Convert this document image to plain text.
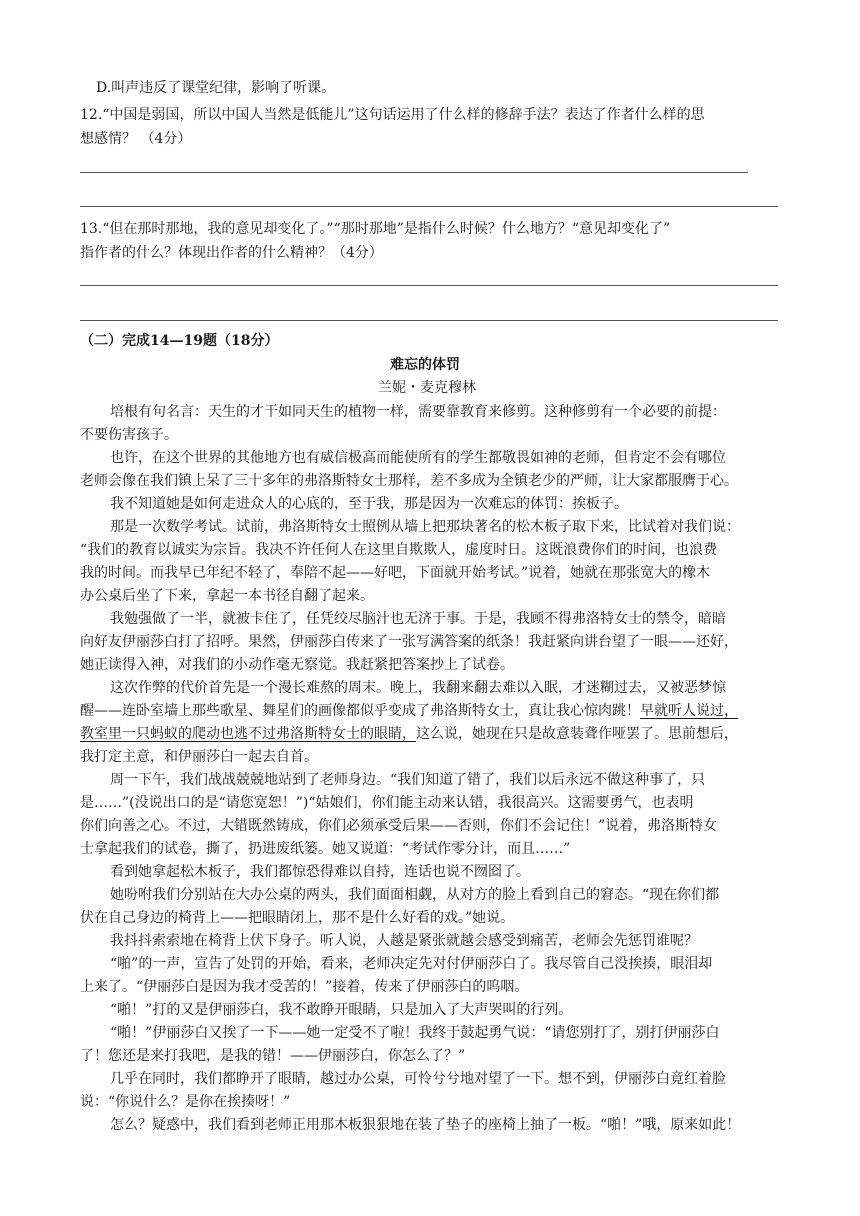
D.叫声违反了课堂纪律，影响了听课。
12.“中国是弱国，所以中国人当然是低能儿”这句话运用了什么样的修辞手法？表达了作者什么样的思
想感情？ （4分）
13.“但在那时那地，我的意见却变化了。”“那时那地”是指什么时候？什么地方？“意见却变化了”
指作者的什么？体现出作者的什么精神？（4分）
（二）完成14—19题（18分）
难忘的体罚
兰妮・麦克穆林
培根有句名言：天生的才干如同天生的植物一样，需要靠教育来修剪。这种修剪有一个必要的前提：
不要伤害孩子。
也许，在这个世界的其他地方也有威信极高而能使所有的学生都敬畏如神的老师，但肯定不会有哪位
老师会像在我们镇上呆了三十多年的弗洛斯特女士那样，差不多成为全镇老少的严师，让大家都服膺于心。
我不知道她是如何走进众人的心底的，至于我，那是因为一次难忘的体罚：挨板子。
那是一次数学考试。试前，弗洛斯特女士照例从墙上把那块著名的松木板子取下来，比试着对我们说：
“我们的教育以诚实为宗旨。我决不许任何人在这里自欺欺人，虚度时日。这既浪费你们的时间，也浪费
我的时间。而我早已年纪不轻了，奉陪不起——好吧，下面就开始考试。”说着，她就在那张宽大的橡木
办公桌后坐了下来，拿起一本书径自翻了起来。
我勉强做了一半，就被卡住了，任凭绞尽脑汁也无济于事。于是，我顾不得弗洛特女士的禁令，暗暗
向好友伊丽莎白打了招呼。果然，伊丽莎白传来了一张写满答案的纸条！我赶紧向讲台望了一眼——还好，
她正读得入神，对我们的小动作毫无察觉。我赶紧把答案抄上了试卷。
这次作弊的代价首先是一个漫长难熬的周末。晚上，我翻来翻去难以入眠，才迷糊过去，又被恶梦惊
醒——连卧室墙上那些歌星、舞星们的画像都似乎变成了弗洛斯特女士，真让我心惊肉跳！早就听人说过，
教室里一只蚂蚁的爬动也逃不过弗洛斯特女士的眼睛，这么说，她现在只是故意装聋作哑罢了。思前想后，
我打定主意，和伊丽莎白一起去自首。
周一下午，我们战战兢兢地站到了老师身边。“我们知道了错了，我们以后永远不做这种事了，只
是……”(没说出口的是“请您宽恕！”)“姑娘们，你们能主动来认错，我很高兴。这需要勇气，也表明
你们向善之心。不过，大错既然铸成，你们必须承受后果——否则，你们不会记住！”说着，弗洛斯特女
士拿起我们的试卷，撕了，扔进废纸篓。她又说道：“考试作零分计，而且……”
看到她拿起松木板子，我们都惊恐得难以自持，连话也说不囫囵了。
她吩咐我们分别站在大办公桌的两头，我们面面相觑，从对方的脸上看到自己的窘态。“现在你们都
伏在自己身边的椅背上——把眼睛闭上，那不是什么好看的戏。”她说。
我抖抖索索地在椅背上伏下身子。听人说，人越是紧张就越会感受到痛苦，老师会先惩罚谁呢？
“啪”的一声，宣告了处罚的开始，看来，老师决定先对付伊丽莎白了。我尽管自己没挨揍，眼泪却
上来了。“伊丽莎白是因为我才受苦的！”接着，传来了伊丽莎白的呜咽。
“啪！”打的又是伊丽莎白，我不敢睁开眼睛，只是加入了大声哭叫的行列。
“啪！”伊丽莎白又挨了一下——她一定受不了啦！我终于鼓起勇气说：“请您别打了，别打伊丽莎白
了！您还是来打我吧，是我的错！——伊丽莎白，你怎么了？”
几乎在同时，我们都睁开了眼睛，越过办公桌，可怜兮兮地对望了一下。想不到，伊丽莎白竟红着脸
说：“你说什么？是你在挨揍呀！”
怎么？疑惑中，我们看到老师正用那木板狠狠地在装了垫子的座椅上抽了一板。“啪！”哦，原来如此！
